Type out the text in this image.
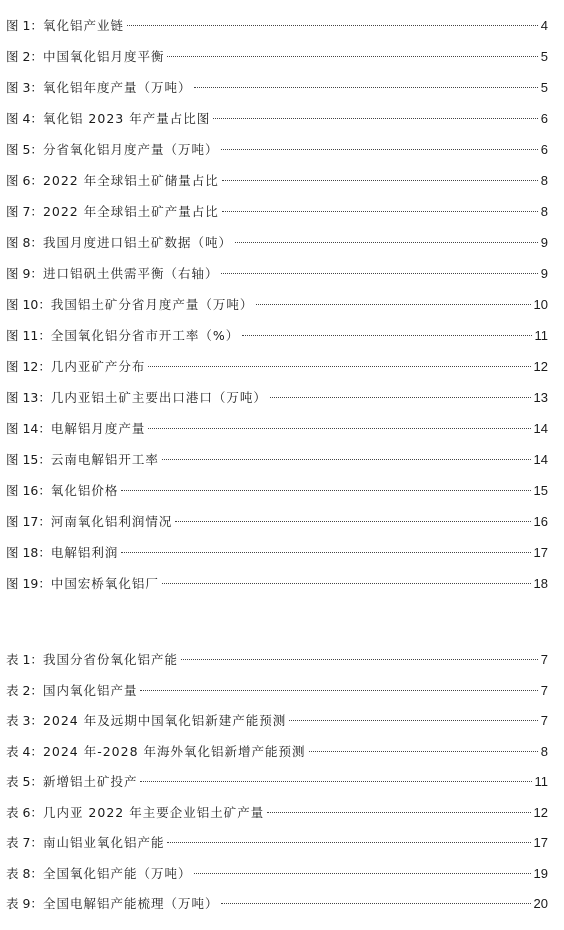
图 1： 氧化铝产业链	4
图 2： 中国氧化铝月度平衡	5
图 3： 氧化铝年度产量（万吨）	5
图 4： 氧化铝 2023 年产量占比图	6
图 5： 分省氧化铝月度产量（万吨）	6
图 6： 2022 年全球铝土矿储量占比	8
图 7： 2022 年全球铝土矿产量占比	8
图 8： 我国月度进口铝土矿数据（吨）	9
图 9： 进口铝矾土供需平衡（右轴）	9
图 10： 我国铝土矿分省月度产量（万吨）	10
图 11： 全国氧化铝分省市开工率（%）	11
图 12： 几内亚矿产分布	12
图 13： 几内亚铝土矿主要出口港口（万吨）	13
图 14： 电解铝月度产量	14
图 15： 云南电解铝开工率	14
图 16： 氧化铝价格	15
图 17： 河南氧化铝利润情况	16
图 18： 电解铝利润	17
图 19： 中国宏桥氧化铝厂	18
表 1： 我国分省份氧化铝产能	7
表 2： 国内氧化铝产量	7
表 3： 2024 年及远期中国氧化铝新建产能预测	7
表 4： 2024 年-2028 年海外氧化铝新增产能预测	8
表 5： 新增铝土矿投产	11
表 6： 几内亚 2022 年主要企业铝土矿产量	12
表 7： 南山铝业氧化铝产能	17
表 8： 全国氧化铝产能（万吨）	19
表 9： 全国电解铝产能梳理（万吨）	20
